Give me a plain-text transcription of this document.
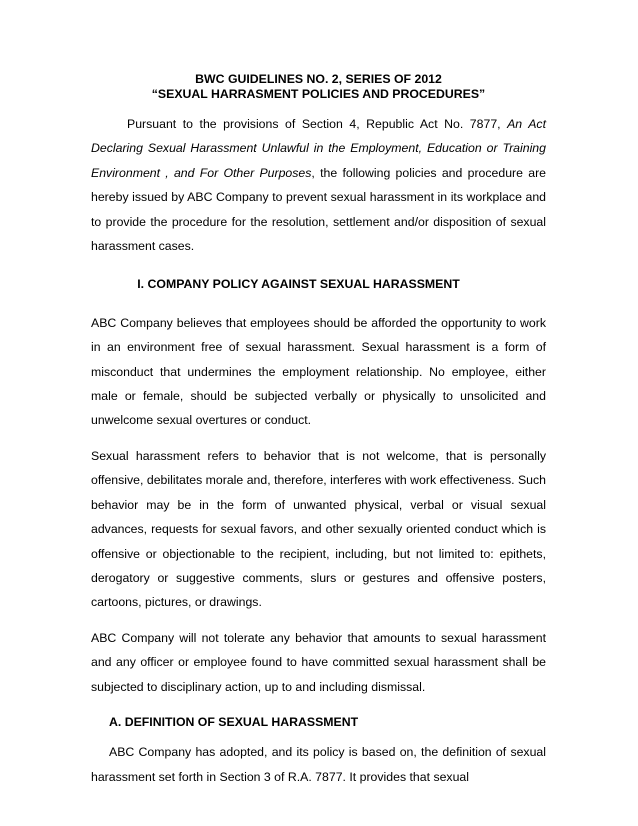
BWC GUIDELINES NO. 2, SERIES OF 2012

“SEXUAL HARRASMENT POLICIES AND PROCEDURES”

Pursuant to the provisions of Section 4, Republic Act No. 7877, An Act Declaring Sexual Harassment Unlawful in the Employment, Education or Training Environment , and For Other Purposes, the following policies and procedure are hereby issued by ABC Company to prevent sexual harassment in its workplace and to provide the procedure for the resolution, settlement and/or disposition of sexual harassment cases.

I. COMPANY POLICY AGAINST SEXUAL HARASSMENT

ABC Company believes that employees should be afforded the opportunity to work in an environment free of sexual harassment. Sexual harassment is a form of misconduct that undermines the employment relationship. No employee, either male or female, should be subjected verbally or physically to unsolicited and unwelcome sexual overtures or conduct.

Sexual harassment refers to behavior that is not welcome, that is personally offensive, debilitates morale and, therefore, interferes with work effectiveness. Such behavior may be in the form of unwanted physical, verbal or visual sexual advances, requests for sexual favors, and other sexually oriented conduct which is offensive or objectionable to the recipient, including, but not limited to: epithets, derogatory or suggestive comments, slurs or gestures and offensive posters, cartoons, pictures, or drawings.

ABC Company will not tolerate any behavior that amounts to sexual harassment and any officer or employee found to have committed sexual harassment shall be subjected to disciplinary action, up to and including dismissal.

A. DEFINITION OF SEXUAL HARASSMENT

ABC Company has adopted, and its policy is based on, the definition of sexual harassment set forth in Section 3 of R.A. 7877. It provides that sexual
